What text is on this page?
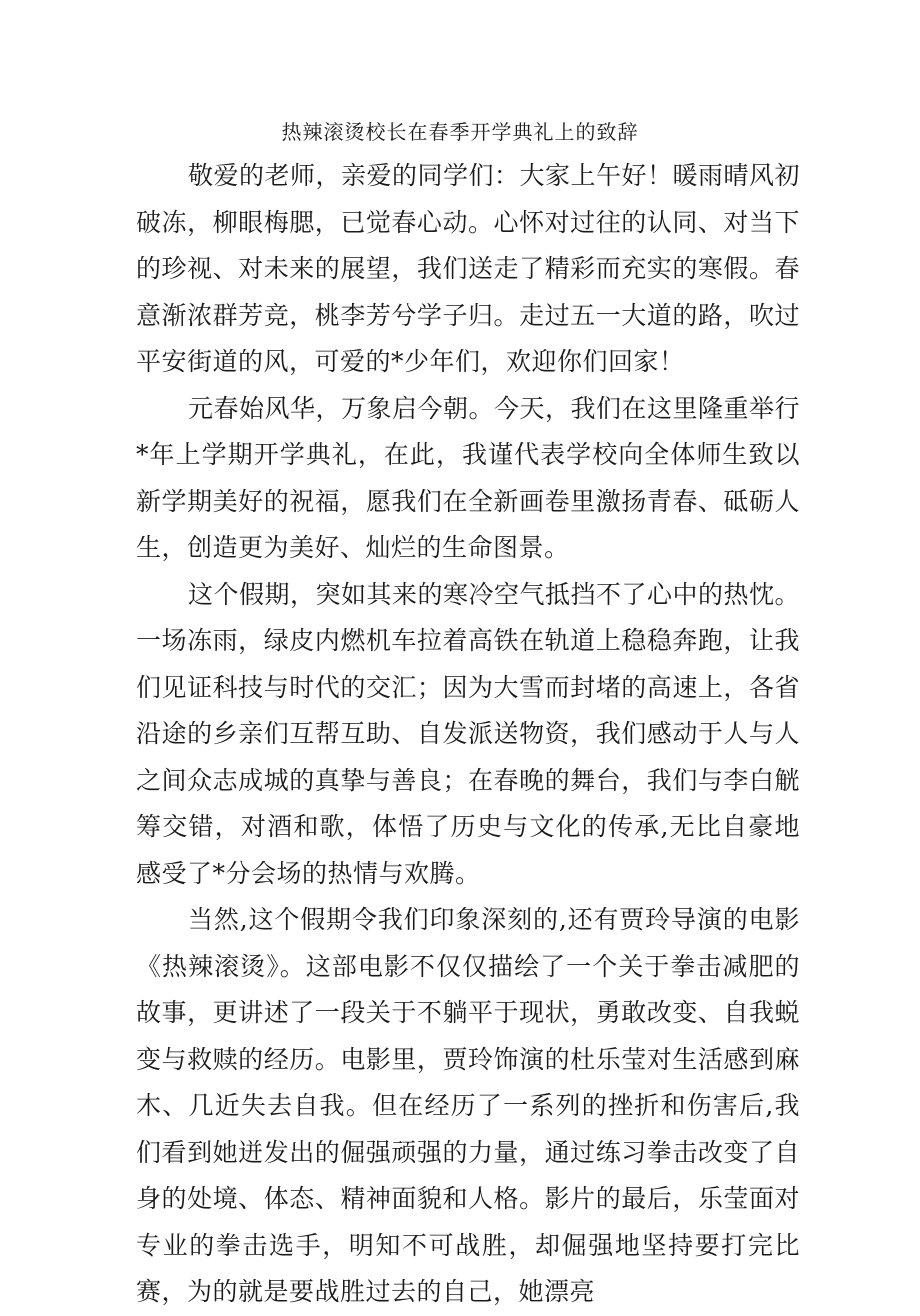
热辣滚烫校长在春季开学典礼上的致辞

敬爱的老师，亲爱的同学们：大家上午好！暖雨晴风初破冻，柳眼梅腮，已觉春心动。心怀对过往的认同、对当下的珍视、对未来的展望，我们送走了精彩而充实的寒假。春意渐浓群芳竞，桃李芳兮学子归。走过五一大道的路，吹过平安街道的风，可爱的*少年们，欢迎你们回家！

元春始风华，万象启今朝。今天，我们在这里隆重举行*年上学期开学典礼，在此，我谨代表学校向全体师生致以新学期美好的祝福，愿我们在全新画卷里激扬青春、砥砺人生，创造更为美好、灿烂的生命图景。

这个假期，突如其来的寒冷空气抵挡不了心中的热忱。一场冻雨，绿皮内燃机车拉着高铁在轨道上稳稳奔跑，让我们见证科技与时代的交汇；因为大雪而封堵的高速上，各省沿途的乡亲们互帮互助、自发派送物资，我们感动于人与人之间众志成城的真挚与善良；在春晚的舞台，我们与李白觥筹交错，对酒和歌，体悟了历史与文化的传承,无比自豪地感受了*分会场的热情与欢腾。

当然,这个假期令我们印象深刻的,还有贾玲导演的电影《热辣滚烫》。这部电影不仅仅描绘了一个关于拳击减肥的故事，更讲述了一段关于不躺平于现状，勇敢改变、自我蜕变与救赎的经历。电影里，贾玲饰演的杜乐莹对生活感到麻木、几近失去自我。但在经历了一系列的挫折和伤害后,我们看到她迸发出的倔强顽强的力量，通过练习拳击改变了自身的处境、体态、精神面貌和人格。影片的最后，乐莹面对专业的拳击选手，明知不可战胜，却倔强地坚持要打完比赛，为的就是要战胜过去的自己，她漂亮
